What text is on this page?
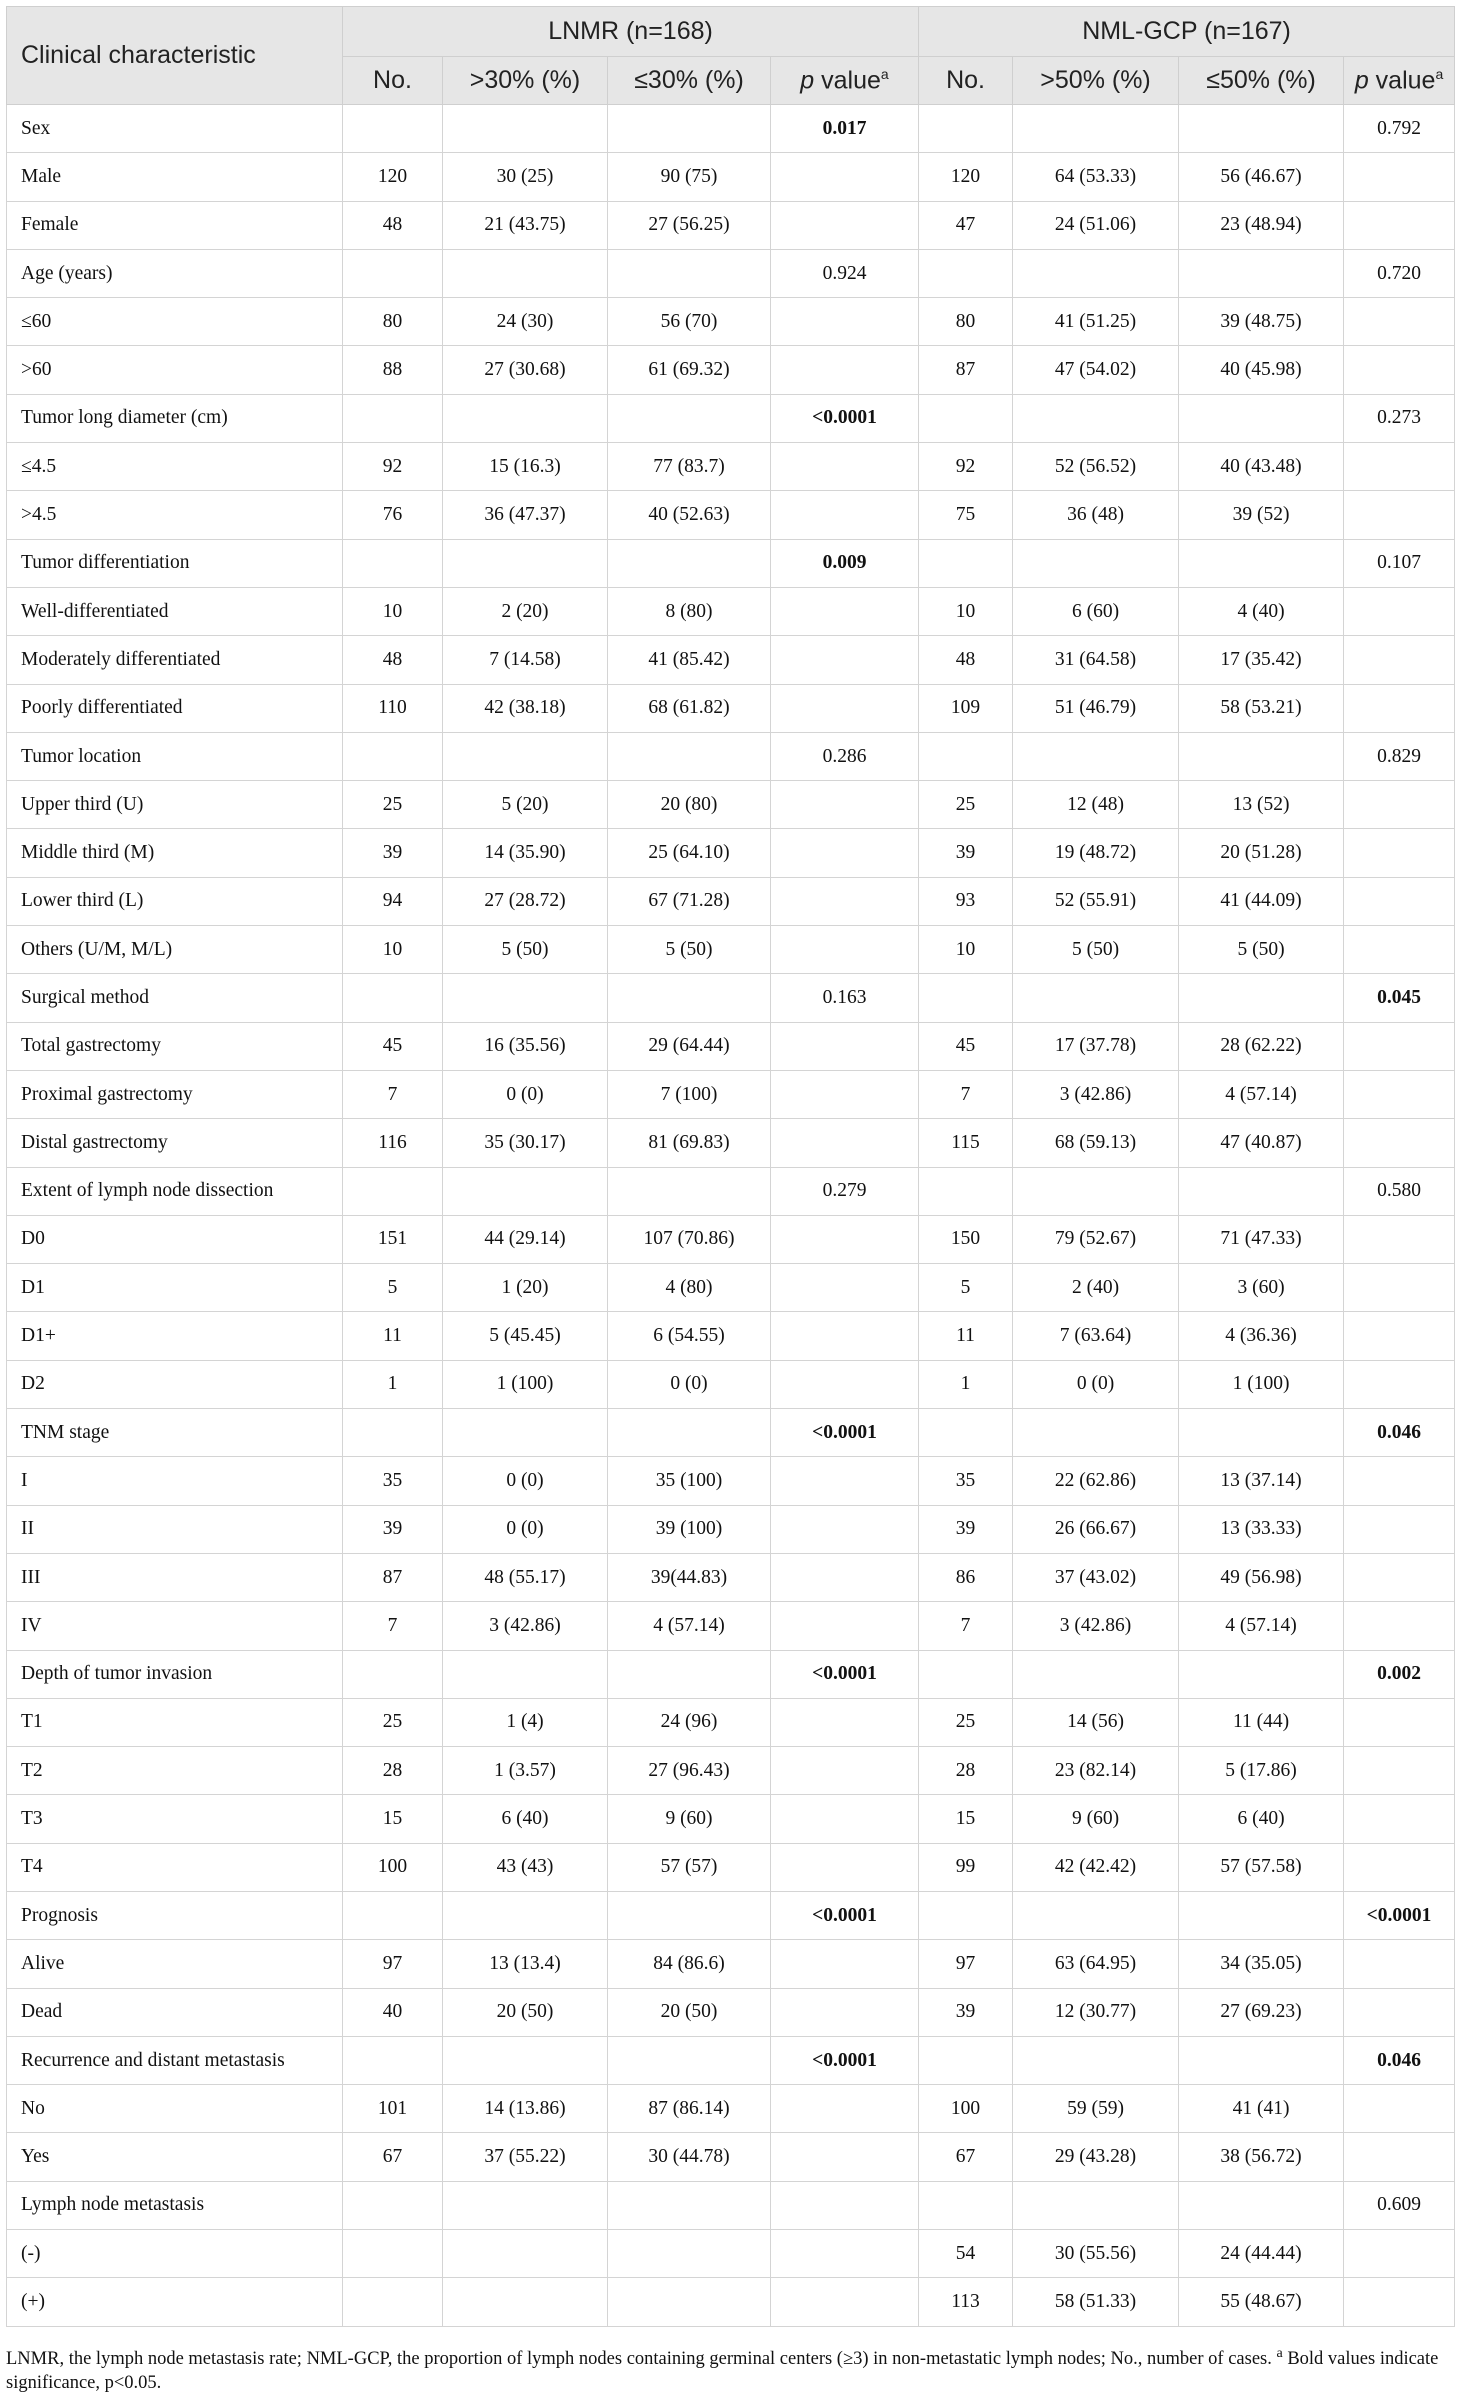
Clinical characteristic	LNMR (n=168)				NML-GCP (n=167)			
	No.	>30% (%)	≤30% (%)	p value$^a$	No.	>50% (%)	≤50% (%)	p value$^a$
Sex				0.017				0.792
Male	120	30 (25)	90 (75)		120	64 (53.33)	56 (46.67)	
Female	48	21 (43.75)	27 (56.25)		47	24 (51.06)	23 (48.94)	
Age (years)				0.924				0.720
≤60	80	24 (30)	56 (70)		80	41 (51.25)	39 (48.75)	
>60	88	27 (30.68)	61 (69.32)		87	47 (54.02)	40 (45.98)	
Tumor long diameter (cm)				<0.0001				0.273
≤4.5	92	15 (16.3)	77 (83.7)		92	52 (56.52)	40 (43.48)	
>4.5	76	36 (47.37)	40 (52.63)		75	36 (48)	39 (52)	
Tumor differentiation				0.009				0.107
Well-differentiated	10	2 (20)	8 (80)		10	6 (60)	4 (40)	
Moderately differentiated	48	7 (14.58)	41 (85.42)		48	31 (64.58)	17 (35.42)	
Poorly differentiated	110	42 (38.18)	68 (61.82)		109	51 (46.79)	58 (53.21)	
Tumor location				0.286				0.829
Upper third (U)	25	5 (20)	20 (80)		25	12 (48)	13 (52)	
Middle third (M)	39	14 (35.90)	25 (64.10)		39	19 (48.72)	20 (51.28)	
Lower third (L)	94	27 (28.72)	67 (71.28)		93	52 (55.91)	41 (44.09)	
Others (U/M, M/L)	10	5 (50)	5 (50)		10	5 (50)	5 (50)	
Surgical method				0.163				0.045
Total gastrectomy	45	16 (35.56)	29 (64.44)		45	17 (37.78)	28 (62.22)	
Proximal gastrectomy	7	0 (0)	7 (100)		7	3 (42.86)	4 (57.14)	
Distal gastrectomy	116	35 (30.17)	81 (69.83)		115	68 (59.13)	47 (40.87)	
Extent of lymph node dissection				0.279				0.580
D0	151	44 (29.14)	107 (70.86)		150	79 (52.67)	71 (47.33)	
D1	5	1 (20)	4 (80)		5	2 (40)	3 (60)	
D1+	11	5 (45.45)	6 (54.55)		11	7 (63.64)	4 (36.36)	
D2	1	1 (100)	0 (0)		1	0 (0)	1 (100)	
TNM stage				<0.0001				0.046
I	35	0 (0)	35 (100)		35	22 (62.86)	13 (37.14)	
II	39	0 (0)	39 (100)		39	26 (66.67)	13 (33.33)	
III	87	48 (55.17)	39(44.83)		86	37 (43.02)	49 (56.98)	
IV	7	3 (42.86)	4 (57.14)		7	3 (42.86)	4 (57.14)	
Depth of tumor invasion				<0.0001				0.002
T1	25	1 (4)	24 (96)		25	14 (56)	11 (44)	
T2	28	1 (3.57)	27 (96.43)		28	23 (82.14)	5 (17.86)	
T3	15	6 (40)	9 (60)		15	9 (60)	6 (40)	
T4	100	43 (43)	57 (57)		99	42 (42.42)	57 (57.58)	
Prognosis				<0.0001				<0.0001
Alive	97	13 (13.4)	84 (86.6)		97	63 (64.95)	34 (35.05)	
Dead	40	20 (50)	20 (50)		39	12 (30.77)	27 (69.23)	
Recurrence and distant metastasis				<0.0001				0.046
No	101	14 (13.86)	87 (86.14)		100	59 (59)	41 (41)	
Yes	67	37 (55.22)	30 (44.78)		67	29 (43.28)	38 (56.72)	
Lymph node metastasis								0.609
(-)					54	30 (55.56)	24 (44.44)	
(+)					113	58 (51.33)	55 (48.67)	
LNMR, the lymph node metastasis rate; NML-GCP, the proportion of lymph nodes containing germinal centers (≥3) in non-metastatic lymph nodes; No., number of cases. $^a$ Bold values indicate significance, p<0.05.
